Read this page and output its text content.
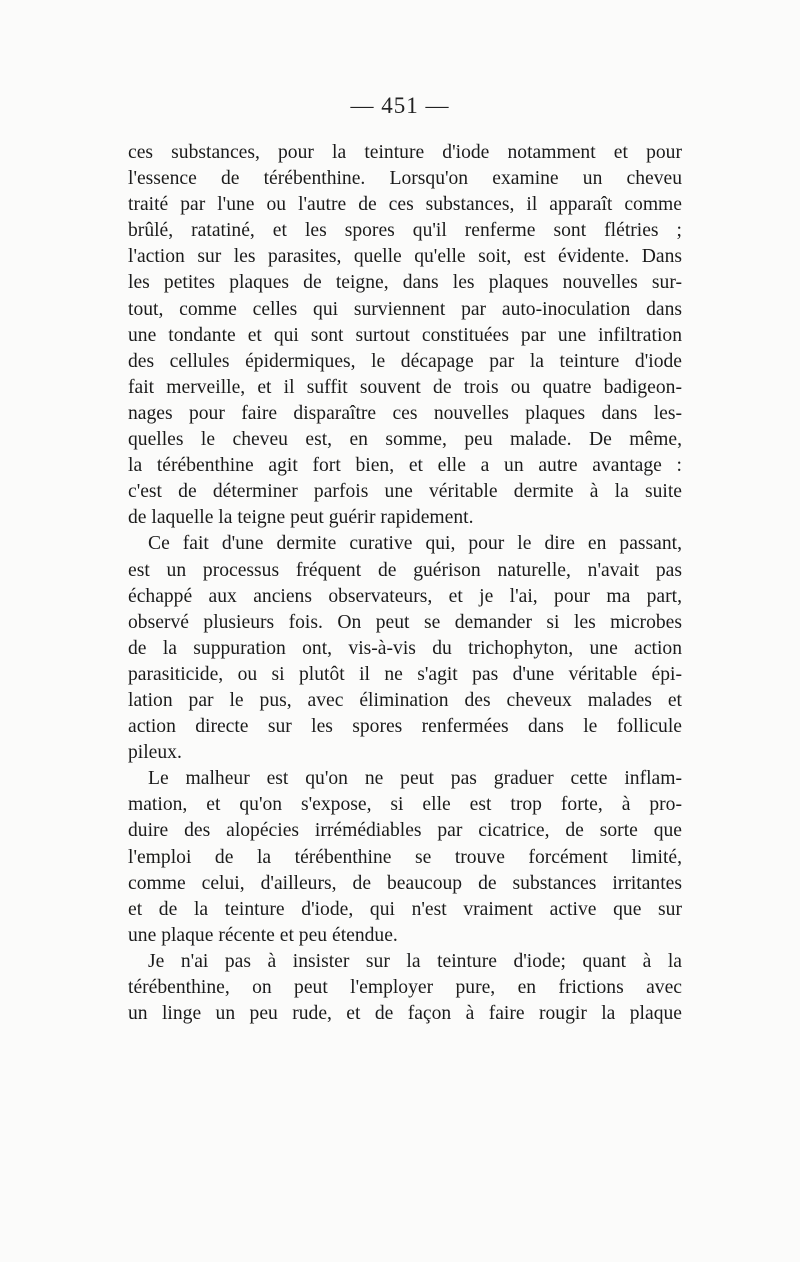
— 451 —
ces substances, pour la teinture d'iode notamment et pour
l'essence de térébenthine. Lorsqu'on examine un cheveu
traité par l'une ou l'autre de ces substances, il apparaît comme
brûlé, ratatiné, et les spores qu'il renferme sont flétries ;
l'action sur les parasites, quelle qu'elle soit, est évidente. Dans
les petites plaques de teigne, dans les plaques nouvelles sur-
tout, comme celles qui surviennent par auto-inoculation dans
une tondante et qui sont surtout constituées par une infiltration
des cellules épidermiques, le décapage par la teinture d'iode
fait merveille, et il suffit souvent de trois ou quatre badigeon-
nages pour faire disparaître ces nouvelles plaques dans les-
quelles le cheveu est, en somme, peu malade. De même,
la térébenthine agit fort bien, et elle a un autre avantage :
c'est de déterminer parfois une véritable dermite à la suite
de laquelle la teigne peut guérir rapidement.
Ce fait d'une dermite curative qui, pour le dire en passant,
est un processus fréquent de guérison naturelle, n'avait pas
échappé aux anciens observateurs, et je l'ai, pour ma part,
observé plusieurs fois. On peut se demander si les microbes
de la suppuration ont, vis-à-vis du trichophyton, une action
parasiticide, ou si plutôt il ne s'agit pas d'une véritable épi-
lation par le pus, avec élimination des cheveux malades et
action directe sur les spores renfermées dans le follicule
pileux.
Le malheur est qu'on ne peut pas graduer cette inflam-
mation, et qu'on s'expose, si elle est trop forte, à pro-
duire des alopécies irrémédiables par cicatrice, de sorte que
l'emploi de la térébenthine se trouve forcément limité,
comme celui, d'ailleurs, de beaucoup de substances irritantes
et de la teinture d'iode, qui n'est vraiment active que sur
une plaque récente et peu étendue.
Je n'ai pas à insister sur la teinture d'iode; quant à la
térébenthine, on peut l'employer pure, en frictions avec
un linge un peu rude, et de façon à faire rougir la plaque
